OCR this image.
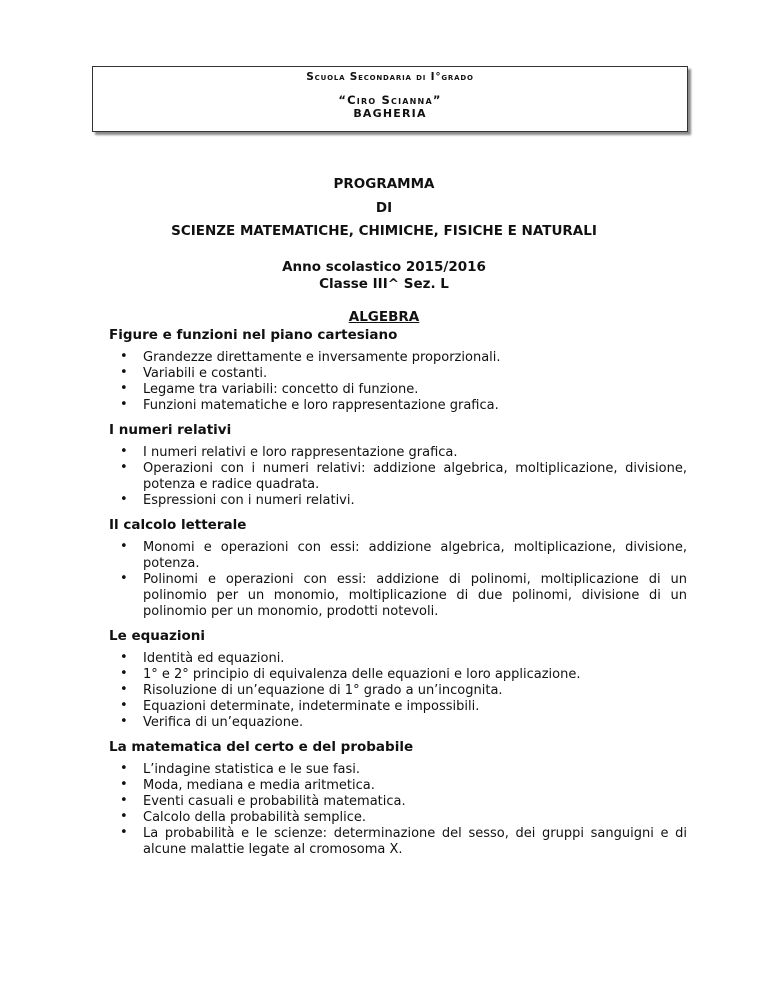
Scuola Secondaria di I°grado
“Ciro Scianna”
BAGHERIA
PROGRAMMA
DI
SCIENZE MATEMATICHE, CHIMICHE, FISICHE E NATURALI
Anno scolastico 2015/2016
Classe III^ Sez. L
ALGEBRA

Figure e funzioni nel piano cartesiano

• Grandezze direttamente e inversamente proporzionali.
• Variabili e costanti.
• Legame tra variabili: concetto di funzione.
• Funzioni matematiche e loro rappresentazione grafica.

I numeri relativi

• I numeri relativi e loro rappresentazione grafica.
• Operazioni con i numeri relativi: addizione algebrica, moltiplicazione, divisione, potenza e radice quadrata.
• Espressioni con i numeri relativi.

Il calcolo letterale

• Monomi e operazioni con essi: addizione algebrica, moltiplicazione, divisione, potenza.
• Polinomi e operazioni con essi: addizione di polinomi, moltiplicazione di un polinomio per un monomio, moltiplicazione di due polinomi, divisione di un polinomio per un monomio, prodotti notevoli.

Le equazioni

• Identità ed equazioni.
• 1° e 2° principio di equivalenza delle equazioni e loro applicazione.
• Risoluzione di un’equazione di 1° grado a un’incognita.
• Equazioni determinate, indeterminate e impossibili.
• Verifica di un’equazione.

La matematica del certo e del probabile

• L’indagine statistica e le sue fasi.
• Moda, mediana e media aritmetica.
• Eventi casuali e probabilità matematica.
• Calcolo della probabilità semplice.
• La probabilità e le scienze: determinazione del sesso, dei gruppi sanguigni e di alcune malattie legate al cromosoma X.
